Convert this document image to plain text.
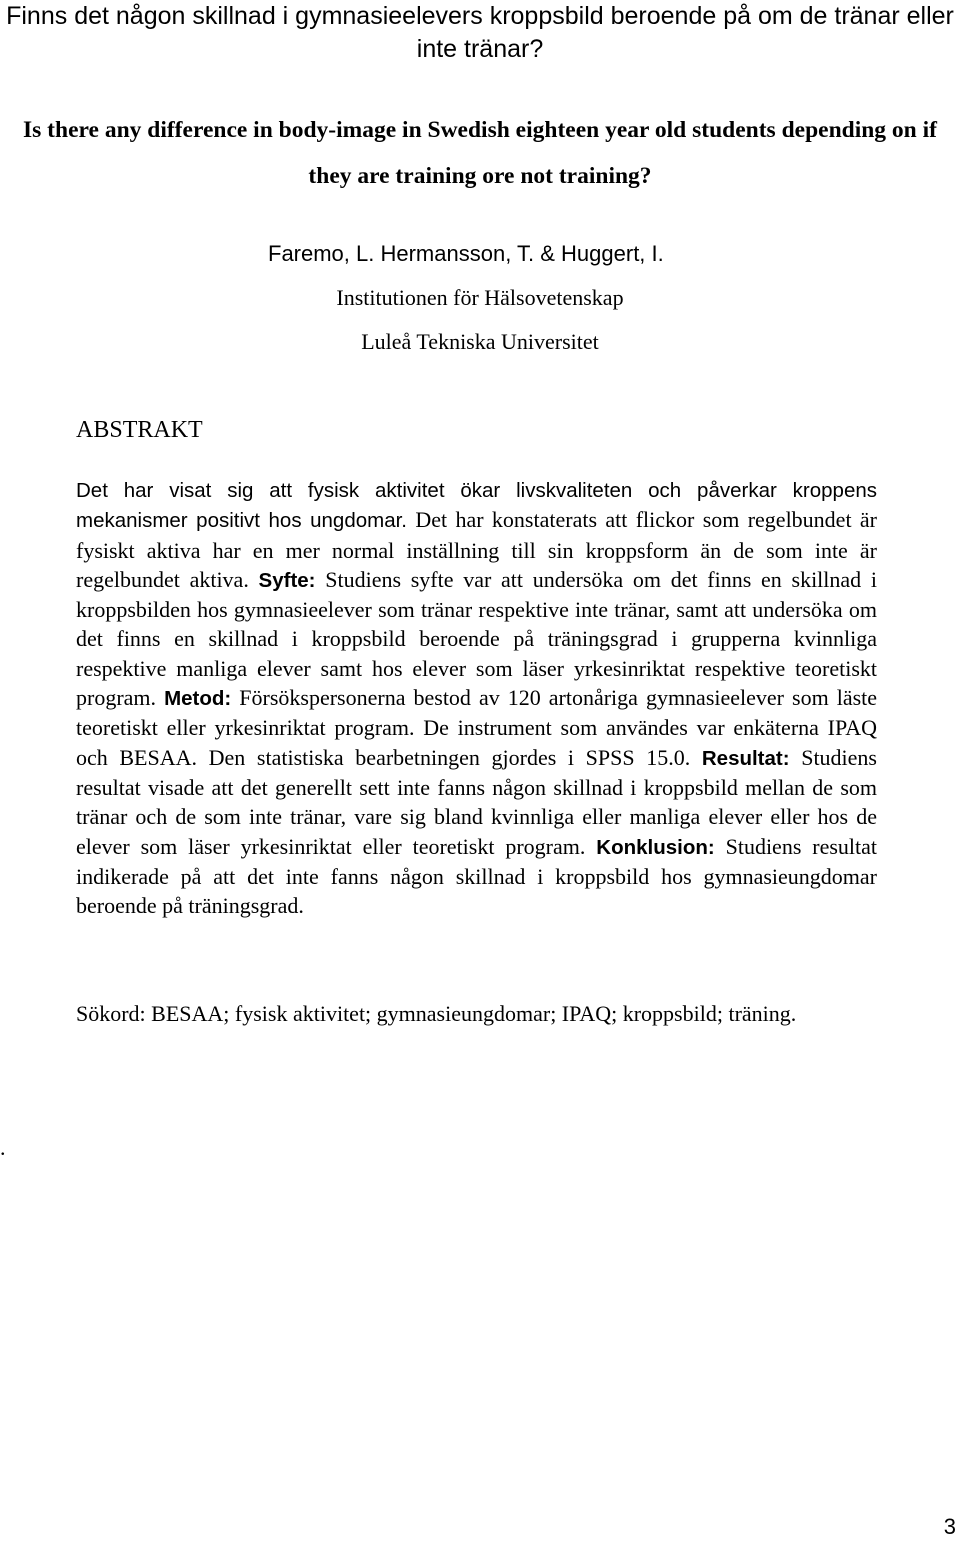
Finns det någon skillnad i gymnasieelevers kroppsbild beroende på om de tränar eller inte tränar?
Is there any difference in body-image in Swedish eighteen year old students depending on if they are training ore not training?

Faremo, L. Hermansson, T. & Huggert, I.

Institutionen för Hälsovetenskap

Luleå Tekniska Universitet

ABSTRAKT

Det har visat sig att fysisk aktivitet ökar livskvaliteten och påverkar kroppens mekanismer positivt hos ungdomar. Det har konstaterats att flickor som regelbundet är fysiskt aktiva har en mer normal inställning till sin kroppsform än de som inte är regelbundet aktiva. Syfte: Studiens syfte var att undersöka om det finns en skillnad i kroppsbilden hos gymnasieelever som tränar respektive inte tränar, samt att undersöka om det finns en skillnad i kroppsbild beroende på träningsgrad i grupperna kvinnliga respektive manliga elever samt hos elever som läser yrkesinriktat respektive teoretiskt program. Metod: Försökspersonerna bestod av 120 artonåriga gymnasieelever som läste teoretiskt eller yrkesinriktat program. De instrument som användes var enkäterna IPAQ och BESAA. Den statistiska bearbetningen gjordes i SPSS 15.0. Resultat: Studiens resultat visade att det generellt sett inte fanns någon skillnad i kroppsbild mellan de som tränar och de som inte tränar, vare sig bland kvinnliga eller manliga elever eller hos de elever som läser yrkesinriktat eller teoretiskt program. Konklusion: Studiens resultat indikerade på att det inte fanns någon skillnad i kroppsbild hos gymnasieungdomar beroende på träningsgrad.

Sökord: BESAA; fysisk aktivitet; gymnasieungdomar; IPAQ; kroppsbild; träning.

.

3
